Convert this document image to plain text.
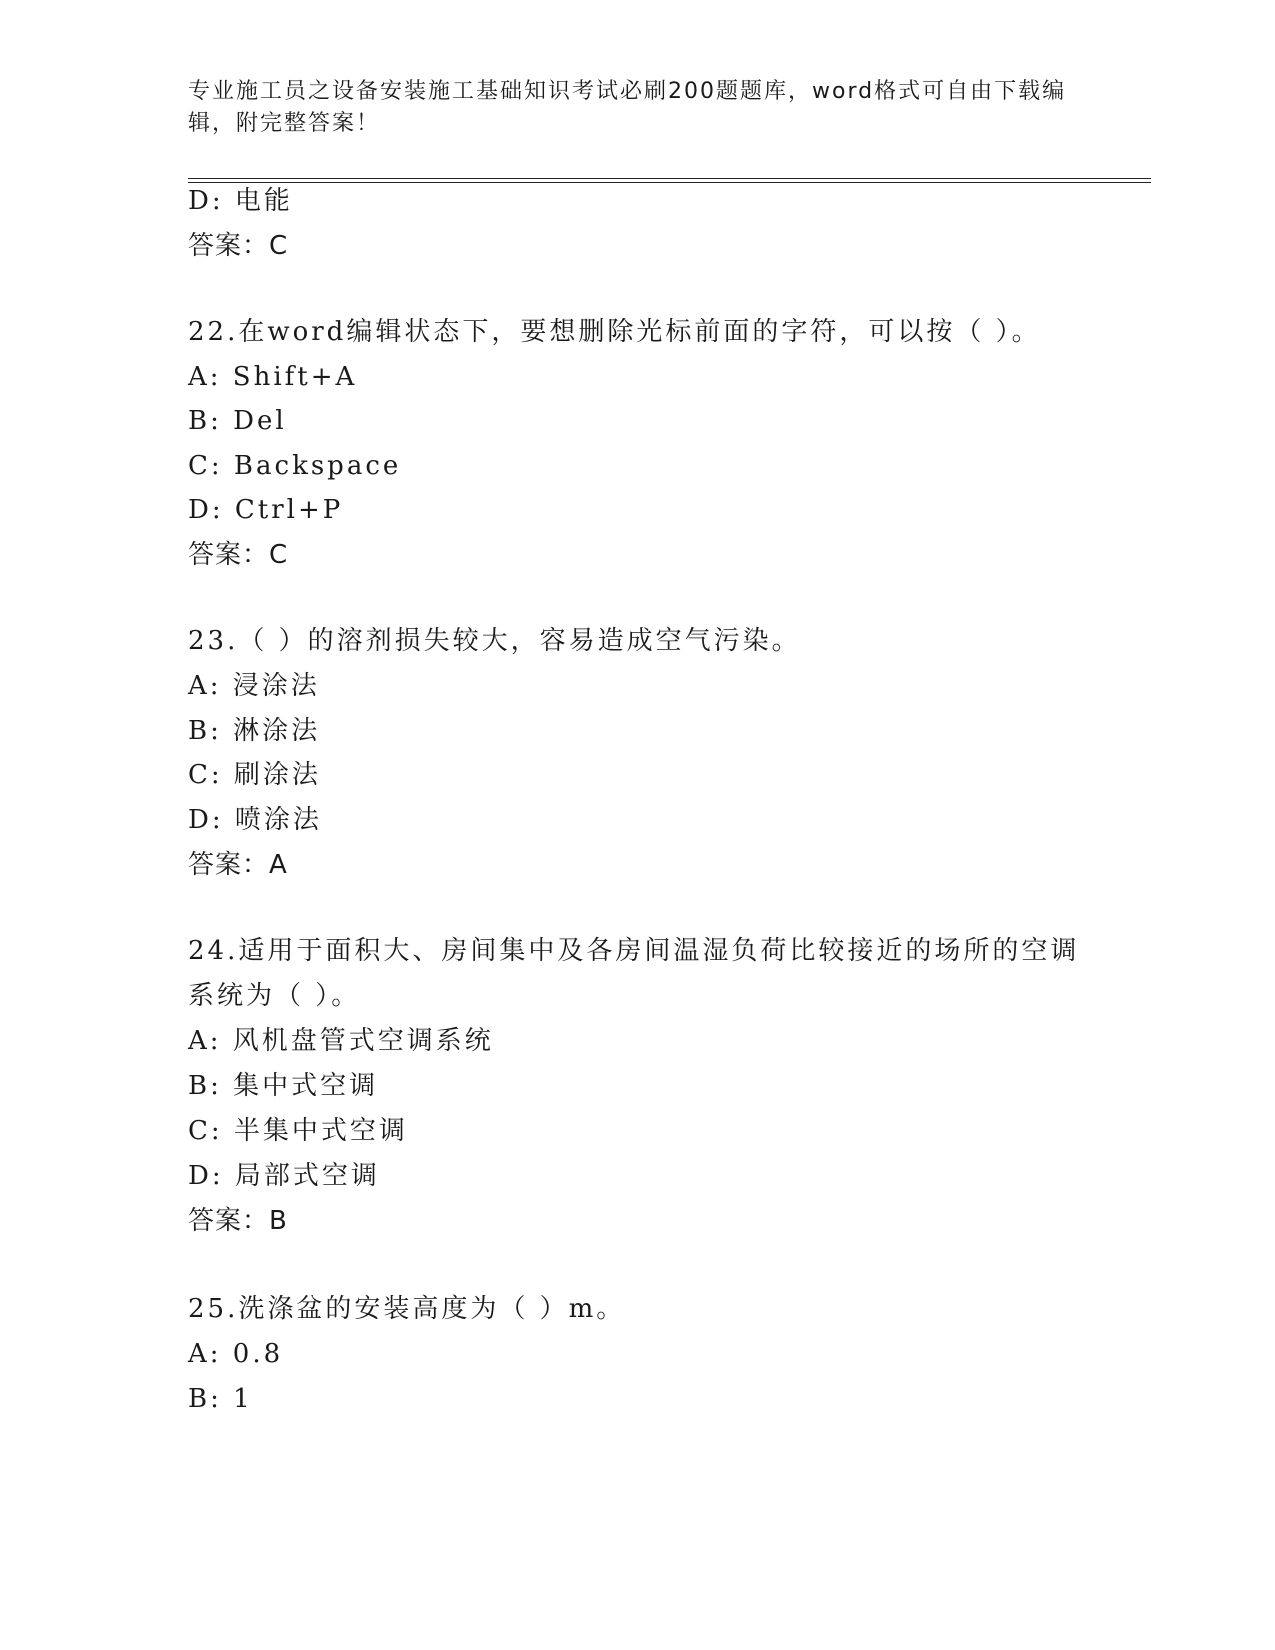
专业施工员之设备安装施工基础知识考试必刷200题题库，word格式可自由下载编辑，附完整答案！
D: 电能
答案：C
22.在word编辑状态下，要想删除光标前面的字符，可以按（ ）。
A: Shift+A
B: Del
C: Backspace
D: Ctrl+P
答案：C
23.（ ）的溶剂损失较大，容易造成空气污染。
A: 浸涂法
B: 淋涂法
C: 刷涂法
D: 喷涂法
答案：A
24.适用于面积大、房间集中及各房间温湿负荷比较接近的场所的空调
系统为（ ）。
A: 风机盘管式空调系统
B: 集中式空调
C: 半集中式空调
D: 局部式空调
答案：B
25.洗涤盆的安装高度为（ ）m。
A: 0.8
B: 1
